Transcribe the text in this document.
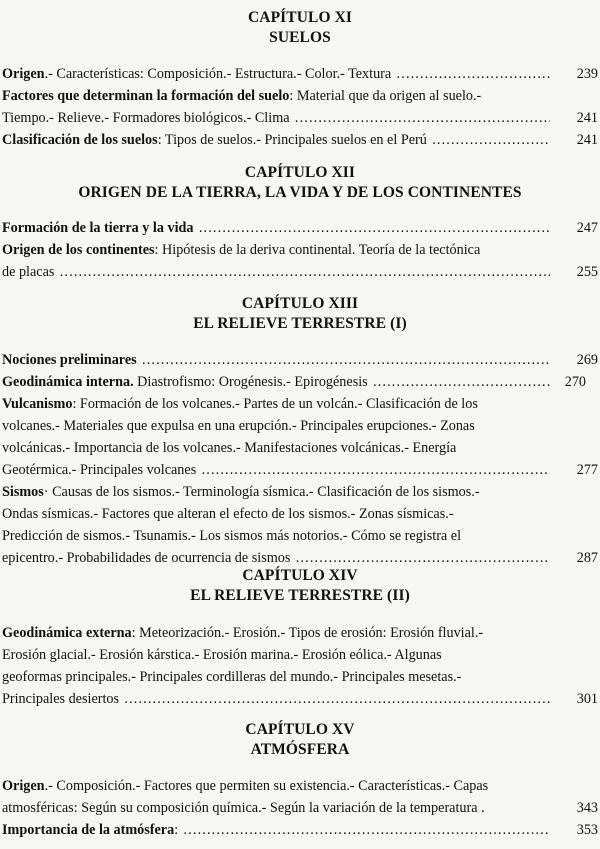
CAPÍTULO XI
SUELOS
Origen.- Características: Composición.- Estructura.- Color.- Textura . . .	239
Factores que determinan la formación del suelo: Material que da origen al suelo.-
Tiempo.- Relieve.- Formadores biológicos.- Clima . . .	241
Clasificación de los suelos: Tipos de suelos.- Principales suelos en el Perú . . .	241
CAPÍTULO XII
ORIGEN DE LA TIERRA, LA VIDA Y DE LOS CONTINENTES
Formación de la tierra y la vida . . .	247
Origen de los continentes: Hipótesis de la deriva continental. Teoría de la tectónica
de placas . . .	255
CAPÍTULO XIII
EL RELIEVE TERRESTRE (I)
Nociones preliminares . . .	269
Geodinámica interna. Diastrofismo: Orogénesis.- Epirogénesis . . .	270
Vulcanismo: Formación de los volcanes.- Partes de un volcán.- Clasificación de los
volcanes.- Materiales que expulsa en una erupción.- Principales erupciones.- Zonas
volcánicas.- Importancia de los volcanes.- Manifestaciones volcánicas.- Energía
Geotérmica.- Principales volcanes . . .	277
Sismos· Causas de los sismos.- Terminología sísmica.- Clasificación de los sismos.-
Ondas sísmicas.- Factores que alteran el efecto de los sismos.- Zonas sísmicas.-
Predicción de sismos.- Tsunamis.- Los sismos más notorios.- Cómo se registra el
epicentro.- Probabilidades de ocurrencia de sismos . . .	287
CAPÍTULO XIV
EL RELIEVE TERRESTRE (II)
Geodinámica externa: Meteorización.- Erosión.- Tipos de erosión: Erosión fluvial.-
Erosión glacial.- Erosión kárstica.- Erosión marina.- Erosión eólica.- Algunas
geoformas principales.- Principales cordilleras del mundo.- Principales mesetas.-
Principales desiertos . . .	301
CAPÍTULO XV
ATMÓSFERA
Origen.- Composición.- Factores que permiten su existencia.- Características.- Capas
atmosféricas: Según su composición química.- Según la variación de la temperatura .	343
Importancia de la atmósfera: . . .	353
